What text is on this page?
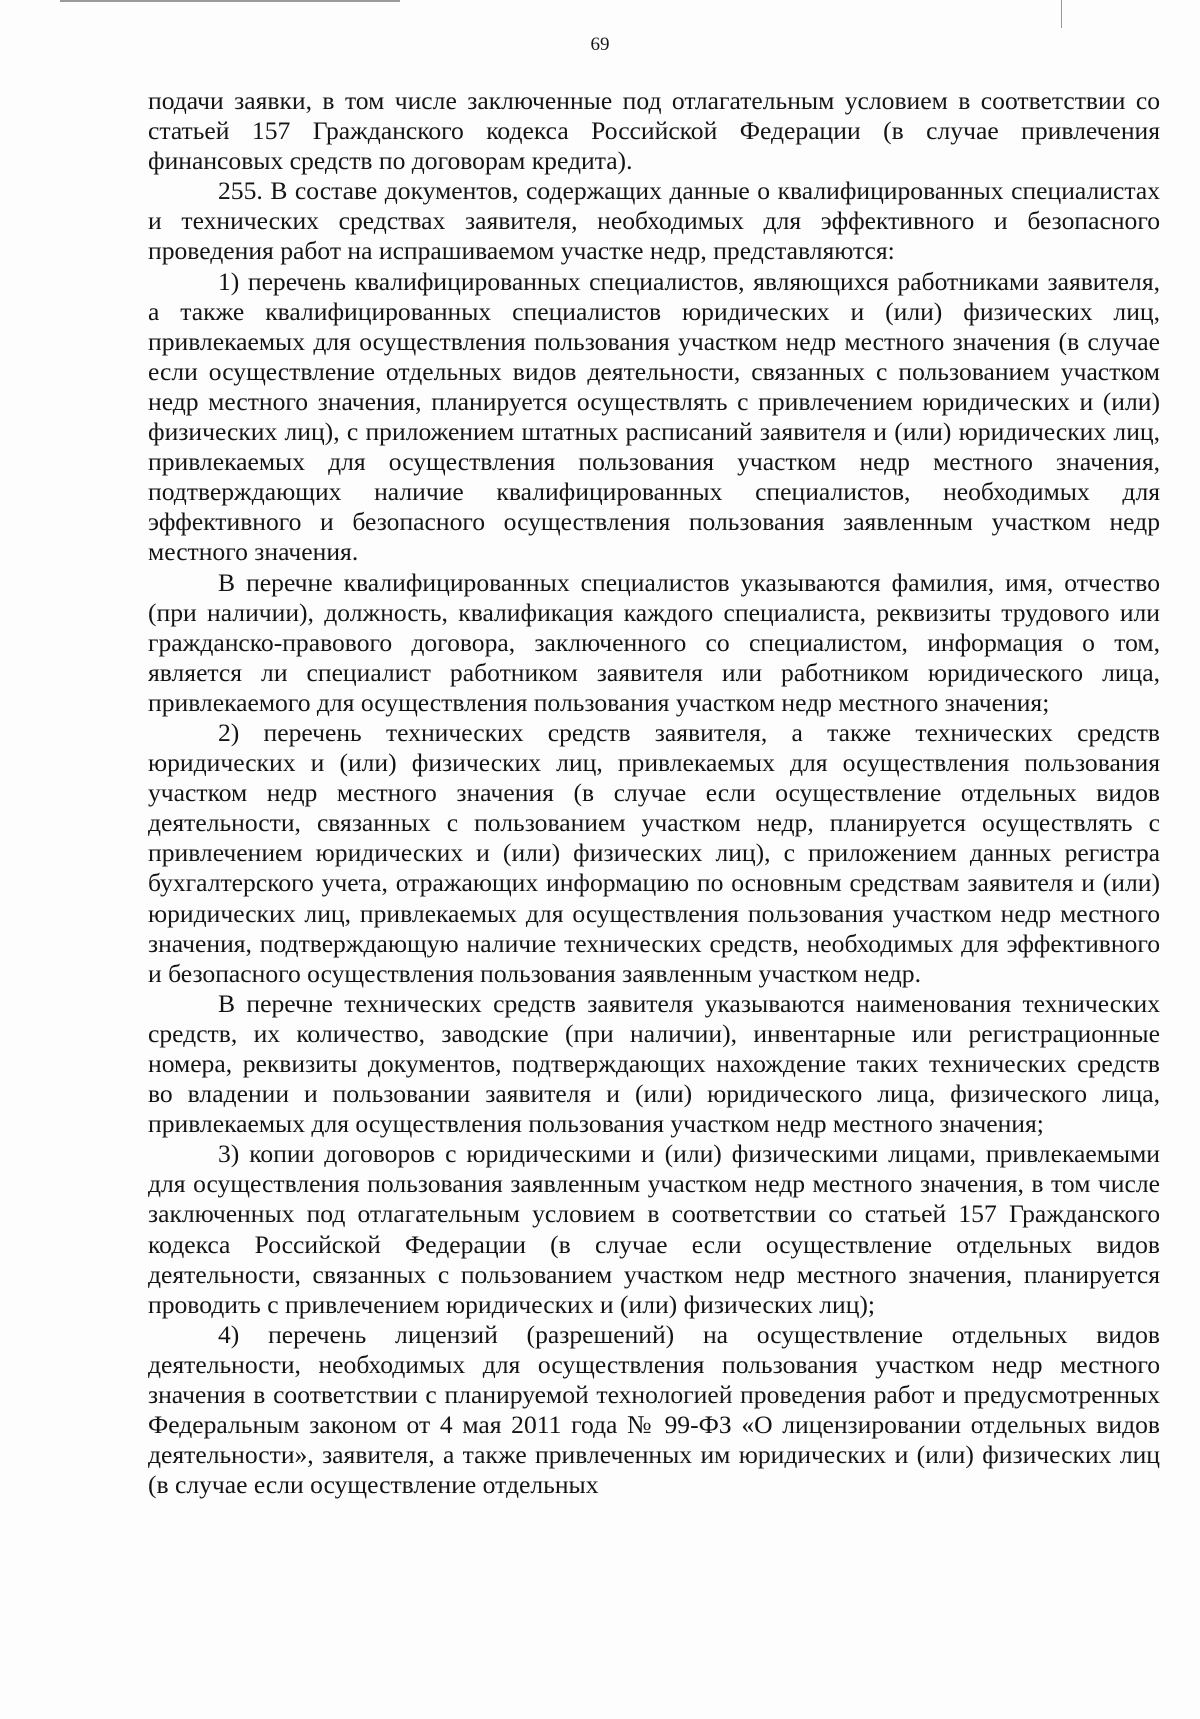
69

подачи заявки, в том числе заключенные под отлагательным условием в соответствии со статьей 157 Гражданского кодекса Российской Федерации (в случае привлечения финансовых средств по договорам кредита).

255. В составе документов, содержащих данные о квалифицированных специалистах и технических средствах заявителя, необходимых для эффективного и безопасного проведения работ на испрашиваемом участке недр, представляются:

1) перечень квалифицированных специалистов, являющихся работниками заявителя, а также квалифицированных специалистов юридических и (или) физических лиц, привлекаемых для осуществления пользования участком недр местного значения (в случае если осуществление отдельных видов деятельности, связанных с пользованием участком недр местного значения, планируется осуществлять с привлечением юридических и (или) физических лиц), с приложением штатных расписаний заявителя и (или) юридических лиц, привлекаемых для осуществления пользования участком недр местного значения, подтверждающих наличие квалифицированных специалистов, необходимых для эффективного и безопасного осуществления пользования заявленным участком недр местного значения.

В перечне квалифицированных специалистов указываются фамилия, имя, отчество (при наличии), должность, квалификация каждого специалиста, реквизиты трудового или гражданско-правового договора, заключенного со специалистом, информация о том, является ли специалист работником заявителя или работником юридического лица, привлекаемого для осуществления пользования участком недр местного значения;

2) перечень технических средств заявителя, а также технических средств юридических и (или) физических лиц, привлекаемых для осуществления пользования участком недр местного значения (в случае если осуществление отдельных видов деятельности, связанных с пользованием участком недр, планируется осуществлять с привлечением юридических и (или) физических лиц), с приложением данных регистра бухгалтерского учета, отражающих информацию по основным средствам заявителя и (или) юридических лиц, привлекаемых для осуществления пользования участком недр местного значения, подтверждающую наличие технических средств, необходимых для эффективного и безопасного осуществления пользования заявленным участком недр.

В перечне технических средств заявителя указываются наименования технических средств, их количество, заводские (при наличии), инвентарные или регистрационные номера, реквизиты документов, подтверждающих нахождение таких технических средств во владении и пользовании заявителя и (или) юридического лица, физического лица, привлекаемых для осуществления пользования участком недр местного значения;

3) копии договоров с юридическими и (или) физическими лицами, привлекаемыми для осуществления пользования заявленным участком недр местного значения, в том числе заключенных под отлагательным условием в соответствии со статьей 157 Гражданского кодекса Российской Федерации (в случае если осуществление отдельных видов деятельности, связанных с пользованием участком недр местного значения, планируется проводить с привлечением юридических и (или) физических лиц);

4) перечень лицензий (разрешений) на осуществление отдельных видов деятельности, необходимых для осуществления пользования участком недр местного значения в соответствии с планируемой технологией проведения работ и предусмотренных Федеральным законом от 4 мая 2011 года № 99-ФЗ «О лицензировании отдельных видов деятельности», заявителя, а также привлеченных им юридических и (или) физических лиц (в случае если осуществление отдельных
